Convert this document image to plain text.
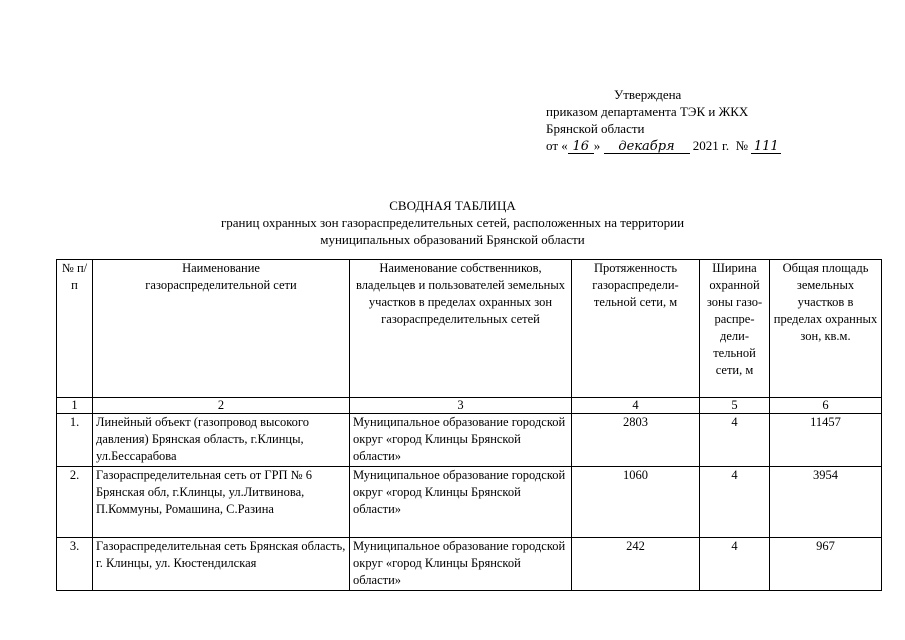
Утверждена
приказом департамента ТЭК и ЖКХ
Брянской области
от « 16 » декабря 2021 г. № 111
СВОДНАЯ ТАБЛИЦА
границ охранных зон газораспределительных сетей, расположенных на территории
муниципальных образований Брянской области
№ п/п	Наименование газораспределительной сети	Наименование собственников, владельцев и пользователей земельных участков в пределах охранных зон газораспределительных сетей	Протяженность газораспредели-тельной сети, м	Ширина охранной зоны газо-распре-дели-тельной сети, м	Общая площадь земельных участков в пределах охранных зон, кв.м.
1	2	3	4	5	6
1.	Линейный объект (газопровод высокого давления) Брянская область, г.Клинцы, ул.Бессарабова	Муниципальное образование городской округ «город Клинцы Брянской области»	2803	4	11457
2.	Газораспределительная сеть от ГРП № 6 Брянская обл, г.Клинцы, ул.Литвинова, П.Коммуны, Ромашина, С.Разина	Муниципальное образование городской округ «город Клинцы Брянской области»	1060	4	3954
3.	Газораспределительная сеть Брянская область, г. Клинцы, ул. Кюстендилская	Муниципальное образование городской округ «город Клинцы Брянской области»	242	4	967
